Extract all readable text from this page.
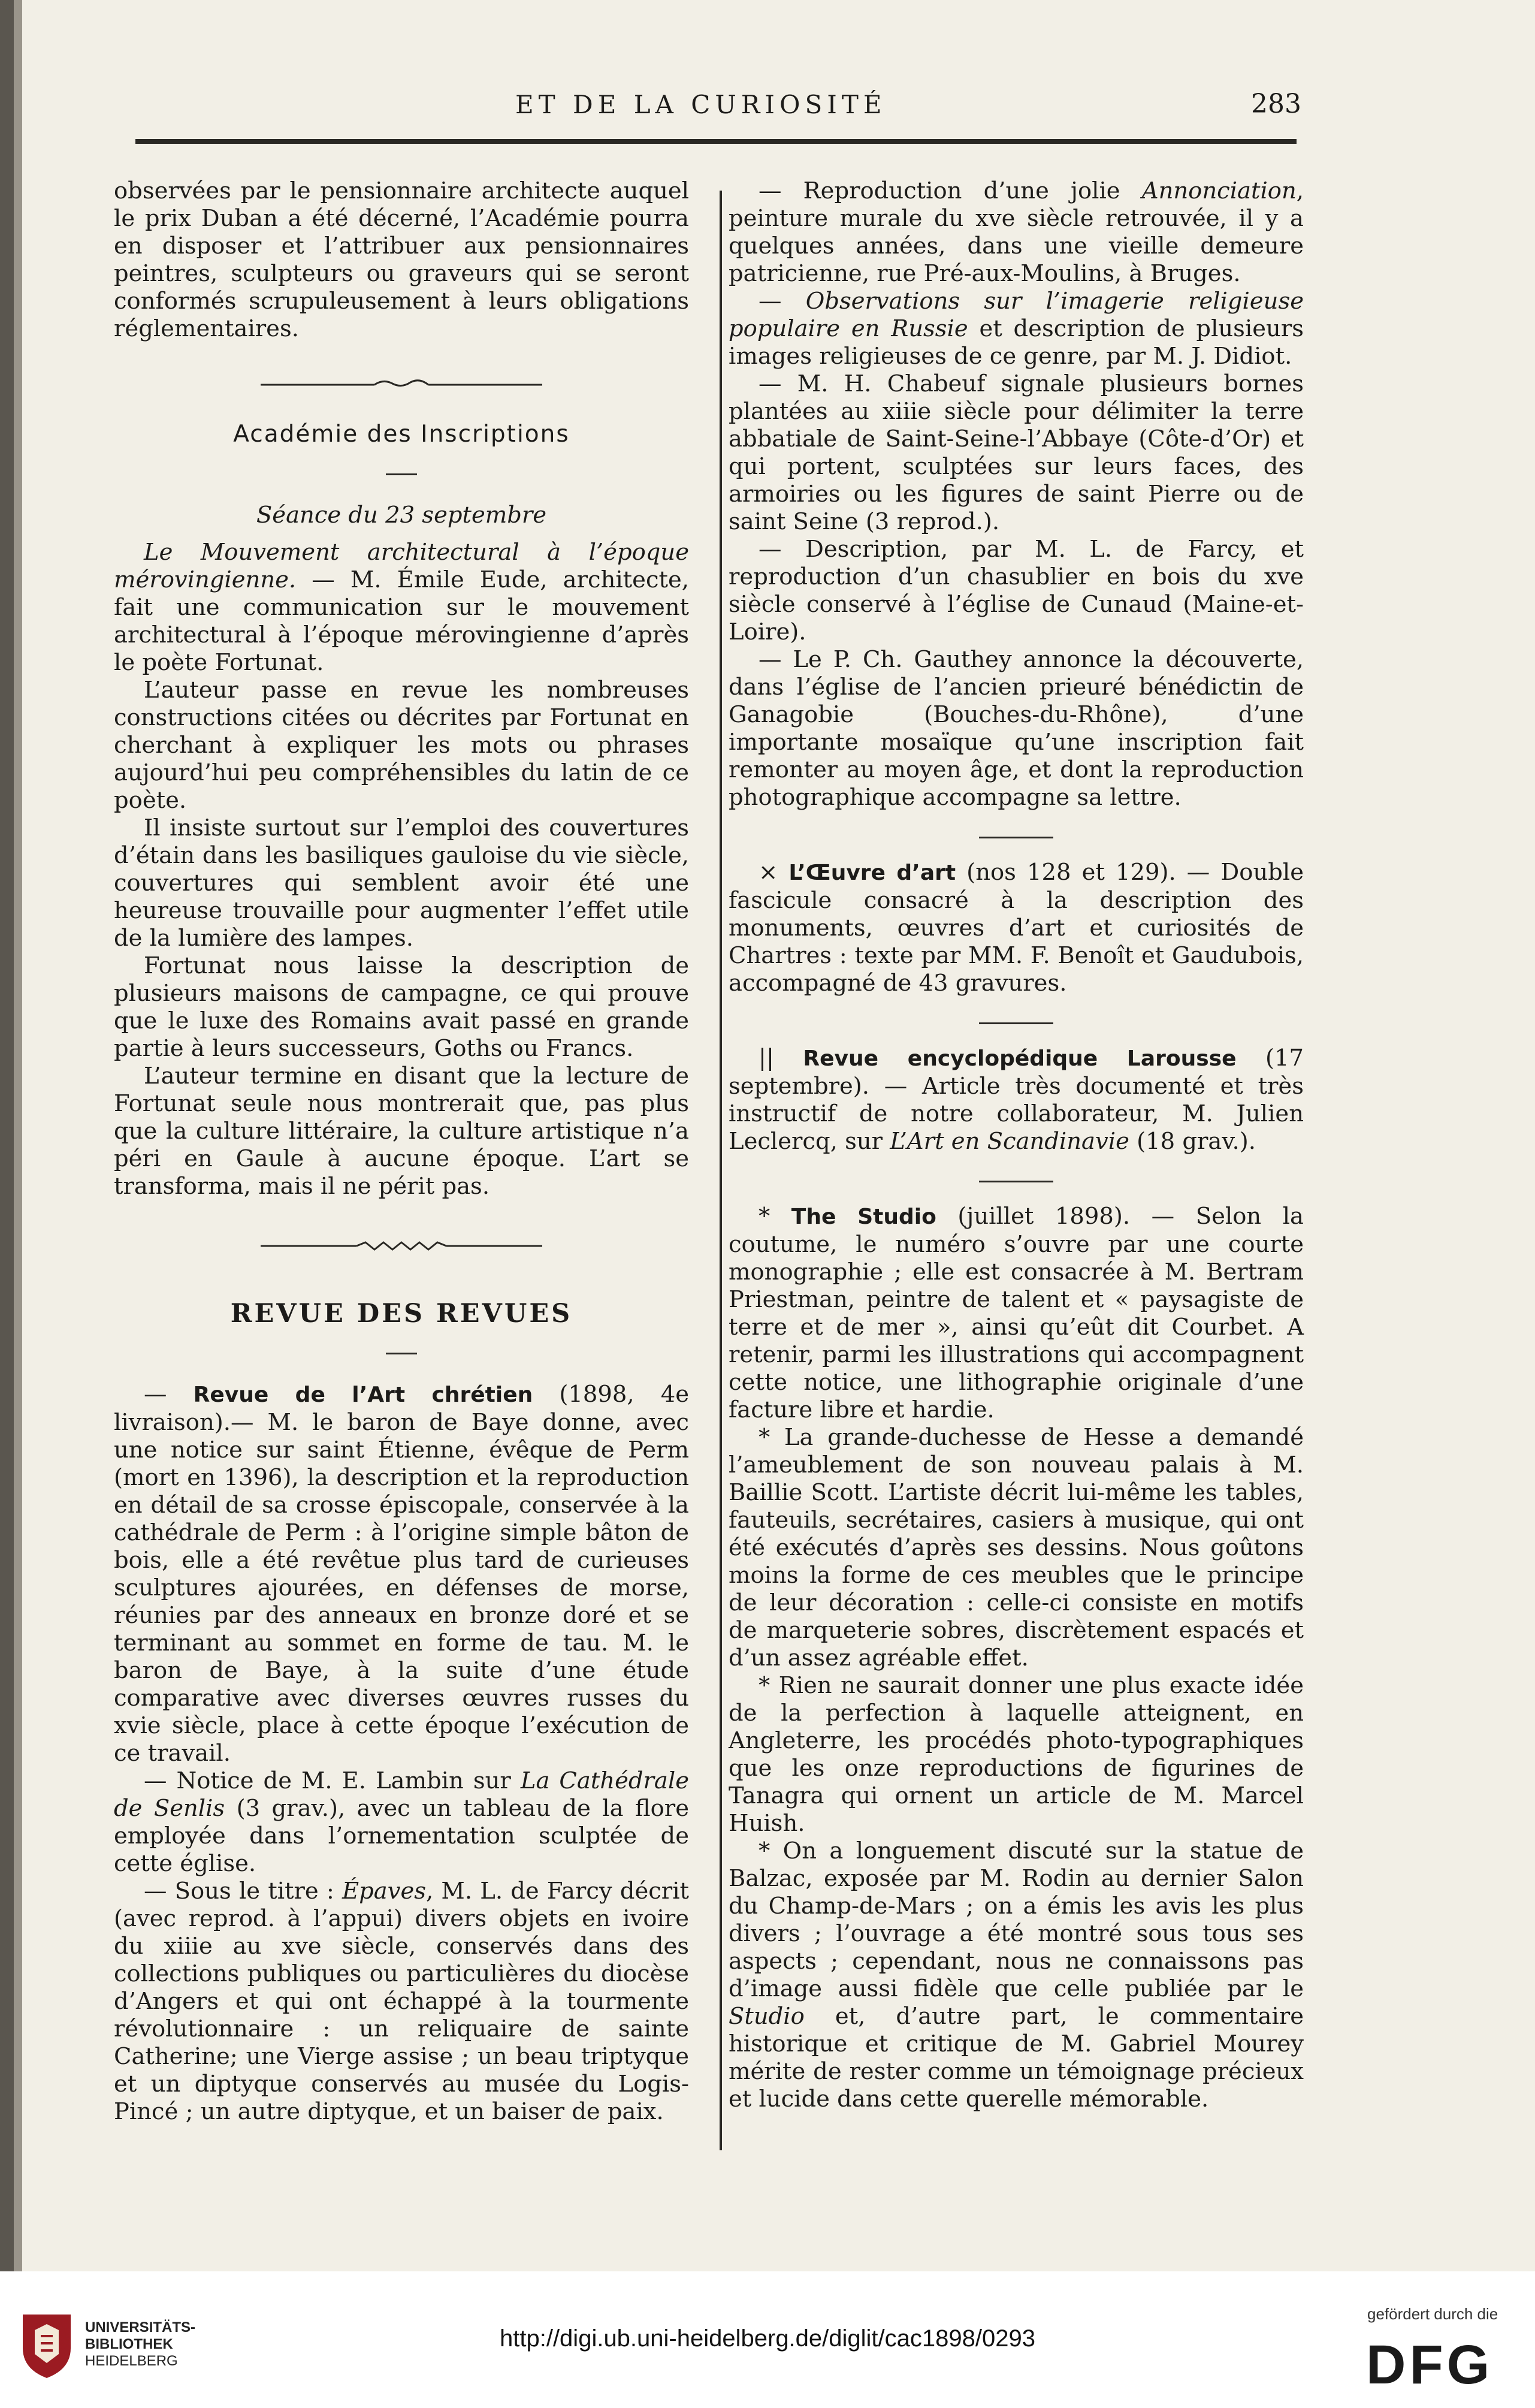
ET DE LA CURIOSITÉ	283

observées par le pensionnaire architecte auquel le prix Duban a été décerné, l’Académie pourra en disposer et l’attribuer aux pensionnaires peintres, sculpteurs ou graveurs qui se seront conformés scrupuleusement à leurs obligations réglementaires.

Académie des Inscriptions

Séance du 23 septembre

Le Mouvement architectural à l’époque mérovingienne. — M. Émile Eude, architecte, fait une communication sur le mouvement architectural à l’époque mérovingienne d’après le poète Fortunat.

L’auteur passe en revue les nombreuses constructions citées ou décrites par Fortunat en cherchant à expliquer les mots ou phrases aujourd’hui peu compréhensibles du latin de ce poète.

Il insiste surtout sur l’emploi des couvertures d’étain dans les basiliques gauloise du vie siècle, couvertures qui semblent avoir été une heureuse trouvaille pour augmenter l’effet utile de la lumière des lampes.

Fortunat nous laisse la description de plusieurs maisons de campagne, ce qui prouve que le luxe des Romains avait passé en grande partie à leurs successeurs, Goths ou Francs.

L’auteur termine en disant que la lecture de Fortunat seule nous montrerait que, pas plus que la culture littéraire, la culture artistique n’a péri en Gaule à aucune époque. L’art se transforma, mais il ne périt pas.

REVUE DES REVUES

— Revue de l’Art chrétien (1898, 4e livraison).— M. le baron de Baye donne, avec une notice sur saint Étienne, évêque de Perm (mort en 1396), la description et la reproduction en détail de sa crosse épiscopale, conservée à la cathédrale de Perm : à l’origine simple bâton de bois, elle a été revêtue plus tard de curieuses sculptures ajourées, en défenses de morse, réunies par des anneaux en bronze doré et se terminant au sommet en forme de tau. M. le baron de Baye, à la suite d’une étude comparative avec diverses œuvres russes du xvie siècle, place à cette époque l’exécution de ce travail.

— Notice de M. E. Lambin sur La Cathédrale de Senlis (3 grav.), avec un tableau de la flore employée dans l’ornementation sculptée de cette église.

— Sous le titre : Épaves, M. L. de Farcy décrit (avec reprod. à l’appui) divers objets en ivoire du xiiie au xve siècle, conservés dans des collections publiques ou particulières du diocèse d’Angers et qui ont échappé à la tourmente révolutionnaire : un reliquaire de sainte Catherine; une Vierge assise ; un beau triptyque et un diptyque conservés au musée du Logis-Pincé ; un autre diptyque, et un baiser de paix.

— Reproduction d’une jolie Annonciation, peinture murale du xve siècle retrouvée, il y a quelques années, dans une vieille demeure patricienne, rue Pré-aux-Moulins, à Bruges.

— Observations sur l’imagerie religieuse populaire en Russie et description de plusieurs images religieuses de ce genre, par M. J. Didiot.

— M. H. Chabeuf signale plusieurs bornes plantées au xiiie siècle pour délimiter la terre abbatiale de Saint-Seine-l’Abbaye (Côte-d’Or) et qui portent, sculptées sur leurs faces, des armoiries ou les figures de saint Pierre ou de saint Seine (3 reprod.).

— Description, par M. L. de Farcy, et reproduction d’un chasublier en bois du xve siècle conservé à l’église de Cunaud (Maine-et-Loire).

— Le P. Ch. Gauthey annonce la découverte, dans l’église de l’ancien prieuré bénédictin de Ganagobie (Bouches-du-Rhône), d’une importante mosaïque qu’une inscription fait remonter au moyen âge, et dont la reproduction photographique accompagne sa lettre.

× L’Œuvre d’art (nos 128 et 129). — Double fascicule consacré à la description des monuments, œuvres d’art et curiosités de Chartres : texte par MM. F. Benoît et Gaudubois, accompagné de 43 gravures.

|| Revue encyclopédique Larousse (17 septembre). — Article très documenté et très instructif de notre collaborateur, M. Julien Leclercq, sur L’Art en Scandinavie (18 grav.).

* The Studio (juillet 1898). — Selon la coutume, le numéro s’ouvre par une courte monographie ; elle est consacrée à M. Bertram Priestman, peintre de talent et « paysagiste de terre et de mer », ainsi qu’eût dit Courbet. A retenir, parmi les illustrations qui accompagnent cette notice, une lithographie originale d’une facture libre et hardie.

* La grande-duchesse de Hesse a demandé l’ameublement de son nouveau palais à M. Baillie Scott. L’artiste décrit lui-même les tables, fauteuils, secrétaires, casiers à musique, qui ont été exécutés d’après ses dessins. Nous goûtons moins la forme de ces meubles que le principe de leur décoration : celle-ci consiste en motifs de marqueterie sobres, discrètement espacés et d’un assez agréable effet.

* Rien ne saurait donner une plus exacte idée de la perfection à laquelle atteignent, en Angleterre, les procédés photo-typographiques que les onze reproductions de figurines de Tanagra qui ornent un article de M. Marcel Huish.

* On a longuement discuté sur la statue de Balzac, exposée par M. Rodin au dernier Salon du Champ-de-Mars ; on a émis les avis les plus divers ; l’ouvrage a été montré sous tous ses aspects ; cependant, nous ne connaissons pas d’image aussi fidèle que celle publiée par le Studio et, d’autre part, le commentaire historique et critique de M. Gabriel Mourey mérite de rester comme un témoignage précieux et lucide dans cette querelle mémorable.

UNIVERSITÄTS-
BIBLIOTHEK
HEIDELBERG
http://digi.ub.uni-heidelberg.de/diglit/cac1898/0293
gefördert durch die
DFG
